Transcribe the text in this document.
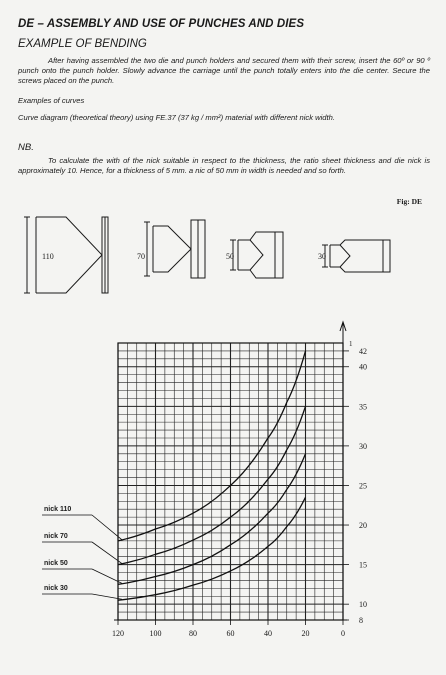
DE – ASSEMBLY AND USE OF PUNCHES AND DIES
EXAMPLE OF BENDING
After having assembled the two die and punch holders and secured them with their screw, insert the 60º or 90 º punch onto the punch holder. Slowly advance the carriage until the punch totally enters into the die center. Secure the screws placed on the punch.
Examples of curves
Curve diagram (theoretical theory) using FE.37 (37 kg / mm²) material with different nick width.
NB.
To calculate the with of the nick suitable in respect to the thickness, the ratio sheet thickness and die nick is approximately 10. Hence, for a thickness of 5 mm. a nic of 50 mm in width is needed and so forth.
Fig: DE
110	70	50	30
8
10
15
20
25
30
35
40
42
1
120	100	80	60	40	20	0
nick 110
nick 70
nick 50
nick 30
